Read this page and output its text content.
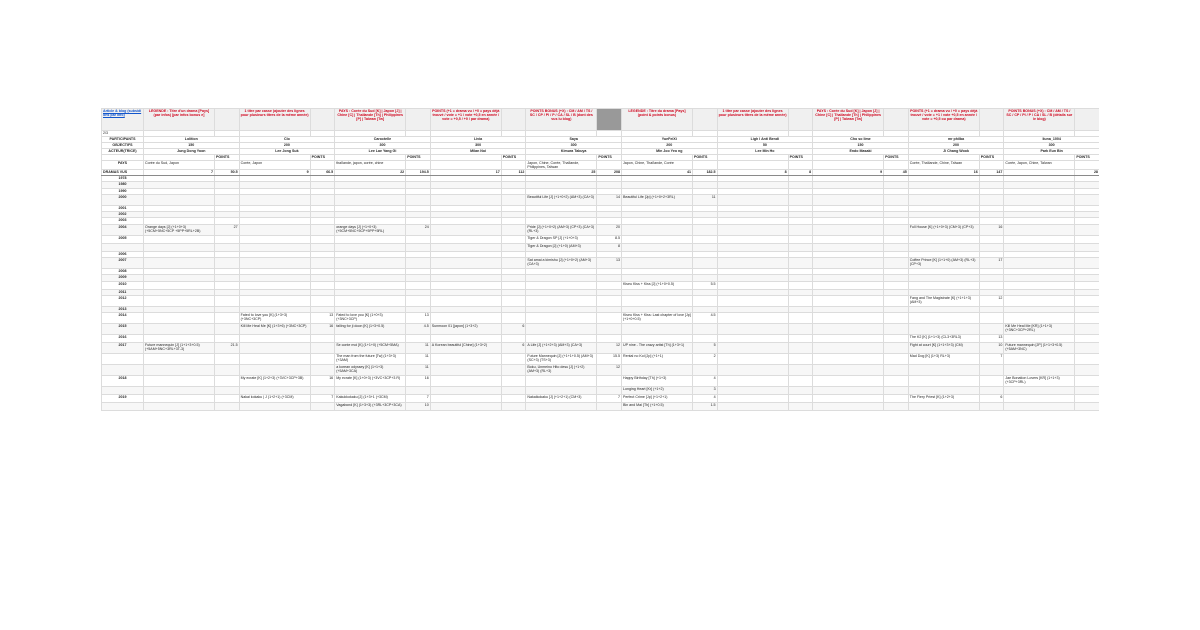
Article & blog (subsidi ons par info)	LÉGENDE : Titre d'un drama [Pays] (par infos) [par infos bonus e]		1 titre par casse (ajouter des lignes pour plusieurs titres de la même année)		PAYS : Corée du Sud [K] | Japon [J] | Chine [C] | Thaïlande [Th] | Philippines [P] | Taïwan [Tw]		POINTS (+1 = drama vu / +0 = pays déjà trouvé / vote = +1 / vote +0,5 en année / vote = +0,5 / +0 / par drama)		POINTS BONUS (+X) : CM / AM / TS / SC / CP / PI / P / CA / SL / B (dont des vus lu blog)		LÉGENDE : Titre du drama [Pays] (point & points bonus)		1 titre par casse (ajouter des lignes pour plusieurs titres de la même année)		PAYS : Corée du Sud [K] | Japon [J] | Chine [C] | Thaïlande [Th] | Philippines [P] | Taïwan [Tw]		POINTS (+1 = drama vu / +0 = pays déjà trouvé / vote = +1 / vote +0,5 en année / vote = +0,5 ou par drama)		POINTS BONUS (+X) : CM / AM / TS / SC / CP / PI / P / CA / SL / B (détails sur le blog)	
2/3																				
PARTICIPANTS	Lolition		Clo		Caroctelle		Livia		Saya		YueFeiXi		Ligh I Anti Bendi		Cho so lime		mr philba		liuna_1004	
OBJECTIFS	150		200		300		300		300		200		50		150		200		300	
ACTEUR(TRICE)	Jung Dong Yoon		Lee Jong Suk		Lee Lae Yang Gi		Milan Noi		Kimura Takuya		Min Joo Yeo ng		Lee Min Ho		Endo Masaki		Ji Chang Wook		Park Eun Bin	
		POINTS		POINTS		POINTS		POINTS		POINTS		POINTS		POINTS		POINTS		POINTS		POINTS
PAYS	Corée du Sud, Japon		Corée, Japon		thaïlande, japon, corée, chine				Japon, Chine, Corée, Thaïlande, Philippines, Taïwan		Japon, Chine, Thaïlande, Corée						Corée, Thaïlande, Chine, Taïwan		Corée, Japon, Chine, Taïwan	
DRAMAS VUS	7	50.5	9	66.5	22	194.5	17	112	25	208	41	182.5	8	8	9	45	16	147		28
1978																				
1980																				
1990																				
2000									Beautiful Life [J] (+1+0+2) (AM+3) (CA+3)	14	Beautiful Life [Jp] (+1+0+2+3RL)	11								
2001																				
2002																				
2003																				
2004	Orange days [J] (+1+0+3) (+5CM+5NC+5CP +5PP+5RL+2B)	27			orange days [J] (+1+0+3) (+5CM+5NC+5CP+5PP+5RL)	24			Pride [J] (+1+0+2) (AM+3) (CP+3) (CA+3) (RL+3)	20							Full House [K] (+1+0+3) (CM+3) (CP+3)	16		
2005									Tiger & Dragon SP [J] (+1+0+3)	8.5										
									Tiger & Dragon [J] (+1+0) (AM+3)	8										
2006																				
2007									Sat amai a kimishu [J] (+1+0+2) (AM+3) (CA+3)	13							Coffee Prince [K] (1+1+0) (AM+3) (RL+3) (CP+3)	17		
2008																				
2009																				
2010											Kiseu Kiss + Kiss [J] (+1+0+0.5)	5.5								
2011																				
2012																	Fang and The Magistrate [K] (+1+1+3) (AM+3)	12		
2013																				
2014			Fated to love you [K] (1+3+3) (+3NC+3CP)	13	Fated to love you [K] (1+0+3) (+3NC+3CP)	13					Kiseu Kiss + Kiss: Last chapter of love [Jp] (+1+0+0.5)	4.5								
2015			Kill Me Heal Me [K] (1+3+6) (+3NC+3CP)	16	falling for ji doon [K] (1+3+0.5)	4.5	Sunmoon 01 [japon] (1+3+2)	6											Kill Me Heal Me [KR] (1+1+3) (+3NC+3CP+2RL)	
2016																	The K2 [K] (1+1+3) (CL3+3RL3)	13		
2017	Future mannequin [J] (1+1+3+0.5) (+5AM+5NC+3RL+3T-3)	21.5			Se conte moi [K] (1+1+0) (+5CM+5MA)	11	A Korean beautiful [Chine] (1+3+2)	6	A Life [J] (+1+2+3) (AM+3) (CA+3)	12	UP nine - The crazy artist [Th] (1+3+1)	5					Fight at court [K] (1+1+3+3) (CM)	10	Future mannequin [JP] (1+1+3+0.5) (+5AM+3NC)	
					The man from the future [Tw] (1+3+3) (+3AM)	11			Future Mannequin [J] (+1+1+0.5) (AM+3) (SC+3) (TS+3)	15.5	Rental no Koi [Jp] (+1+1)	2					Mad Dog [K] (1+3) RL+3)	7		
					a korean odyssey [K] (1+1+3) (+5AM+3CA)	11			Boku, Unmeino Hito desu [J] (+1+2) (AM+3) (RL+3)	12										
2018			My ecrate [K] (1+2+3) (+3VC+3CP+3B)	16	My ecrate [K] (1+0+3) (+3VC+3CP+3 R)	16					Happy Birthday [Th] (+1+3)	4							Jae Bonation Lovers [KR] (1+1+3) (+3CP+3RL)	
											Longing Heart [Kr] (+1+2)	3								
2019			Nakai kokaku | J (1+2+1) (+3CM)	7	Kakukkokaku [J] (1+3+1 (+3CM)	7			Nakaikokaku [J] (+1+2+1) (CM+3)	7	Perfect Crime [Jp] (+1+2+1)	4					The Fiery Priest [K] (1+2+3)	6		
					Vagabond [K] (1+3+3) (+3RL+3CP+3CA)	10					Bin and Mai [Th] (+1+0.5)	1.5								
